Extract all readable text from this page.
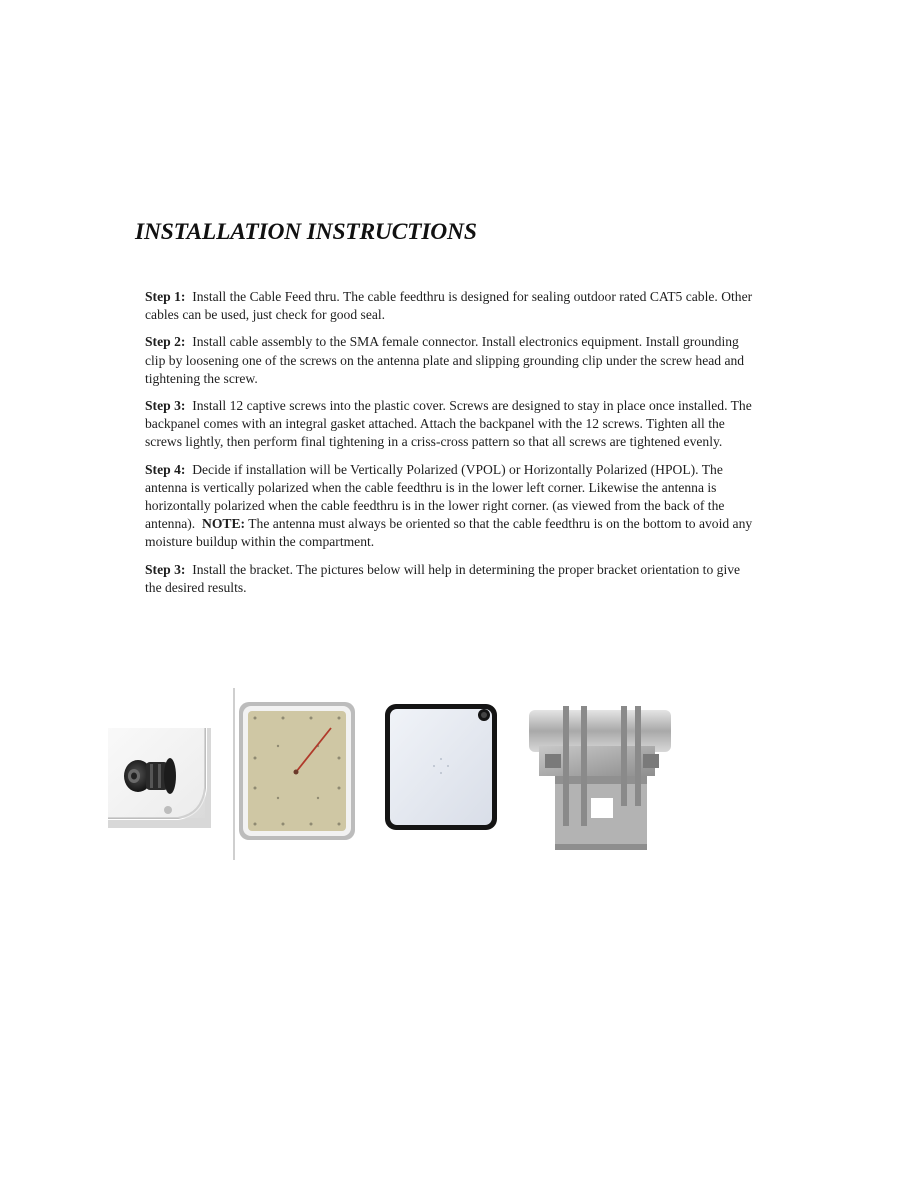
INSTALLATION INSTRUCTIONS

Step 1: Install the Cable Feed thru. The cable feedthru is designed for sealing outdoor rated CAT5 cable. Other cables can be used, just check for good seal.

Step 2: Install cable assembly to the SMA female connector. Install electronics equipment. Install grounding clip by loosening one of the screws on the antenna plate and slipping grounding clip under the screw head and tightening the screw.

Step 3: Install 12 captive screws into the plastic cover. Screws are designed to stay in place once installed. The backpanel comes with an integral gasket attached. Attach the backpanel with the 12 screws. Tighten all the screws lightly, then perform final tightening in a criss-cross pattern so that all screws are tightened evenly.

Step 4: Decide if installation will be Vertically Polarized (VPOL) or Horizontally Polarized (HPOL). The antenna is vertically polarized when the cable feedthru is in the lower left corner. Likewise the antenna is horizontally polarized when the cable feedthru is in the lower right corner. (as viewed from the back of the antenna). NOTE: The antenna must always be oriented so that the cable feedthru is on the bottom to avoid any moisture buildup within the compartment.

Step 3: Install the bracket. The pictures below will help in determining the proper bracket orientation to give the desired results.
